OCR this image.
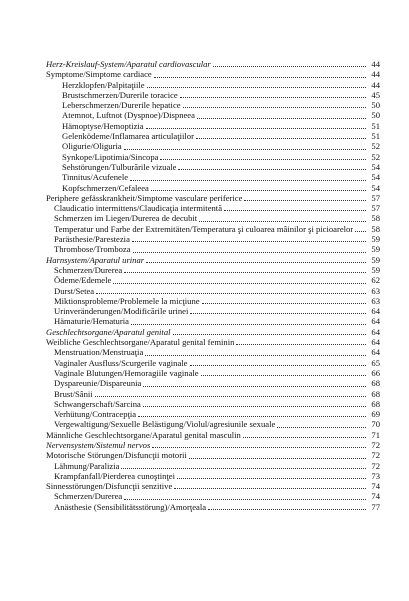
Herz-Kreislauf-System/Aparatul cardiovascular	44
Symptome/Simptome cardiace	44
Herzklopfen/Palpitaţiile	44
Brustschmerzen/Durerile toracice	45
Leberschmerzen/Durerile hepatice	50
Atemnot, Luftnot (Dyspnoe)/Dispneea	50
Hämoptyse/Hemoptizia	51
Gelenködeme/Inflamarea articulaţiilor	51
Oligurie/Oliguria	52
Synkope/Lipotimia/Sincopa	52
Sehstörungen/Tulburările vizuale	54
Tinnitus/Acufenele	54
Kopfschmerzen/Cefaleea	54
Periphere gefässkrankheit/Simptome vasculare periferice	57
Claudicatio intermittens/Claudicaţia intermitentă	57
Schmerzen im Liegen/Durerea de decubit	58
Temperatur und Farbe der Extremitäten/Temperatura şi culoarea mâinilor şi picioarelor	58
Parästhesie/Parestezia	59
Thrombose/Tromboza	59
Harnsystem/Aparatul urinar	59
Schmerzen/Durerea	59
Ödeme/Edemele	62
Durst/Setea	63
Miktionsprobleme/Problemele la micţiune	63
Urinveränderungen/Modificările urinei	64
Hämaturie/Hematuria	64
Geschlechtsorgane/Aparatul genital	64
Weibliche Geschlechtsorgane/Aparatul genital feminin	64
Menstruation/Menstruaţia	64
Vaginaler Ausfluss/Scurgerile vaginale	65
Vaginale Blutungen/Hemoragiile vaginale	66
Dyspareunie/Dispareunia	68
Brust/Sânii	68
Schwangerschaft/Sarcina	68
Verhütung/Contracepţia	69
Vergewaltigung/Sexuelle Belästigung/Violul/agresiunile sexuale	70
Männliche Geschlechtsorgane/Aparatul genital masculin	71
Nervensystem/Sistemul nervos	72
Motorische Störungen/Disfuncţii motorii	72
Lähmung/Paralizia	72
Krampfanfall/Pierderea cunoştinţei	73
Sinnesstörungen/Disfuncţii senzitive	74
Schmerzen/Durerea	74
Anästhesie (Sensibilitätsstörung)/Amorţeala	77
